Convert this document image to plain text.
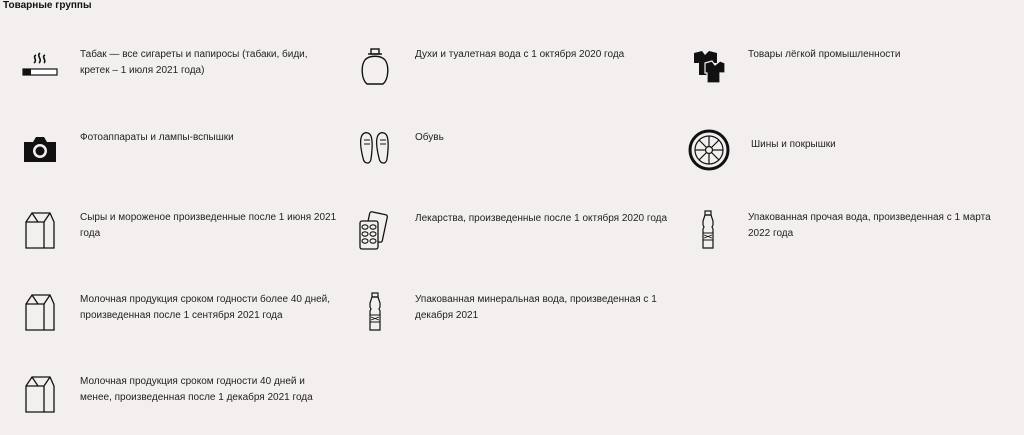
Товарные группы
Табак — все сигареты и папиросы (табаки, биди, кретек – 1 июля 2021 года)
Духи и туалетная вода с 1 октября 2020 года	Товары лёгкой промышленности
Фотоаппараты и лампы-вспышки	Обувь
Шины и покрышки
Сыры и мороженое произведенные после 1 июня 2021 года
Лекарства, произведенные после 1 октября 2020 года	Упакованная прочая вода, произведенная с 1 марта 2022 года
Молочная продукция сроком годности более 40 дней, произведенная после 1 сентября 2021 года
Упакованная минеральная вода, произведенная с 1 декабря 2021
Молочная продукция сроком годности 40 дней и менее, произведенная после 1 декабря 2021 года
